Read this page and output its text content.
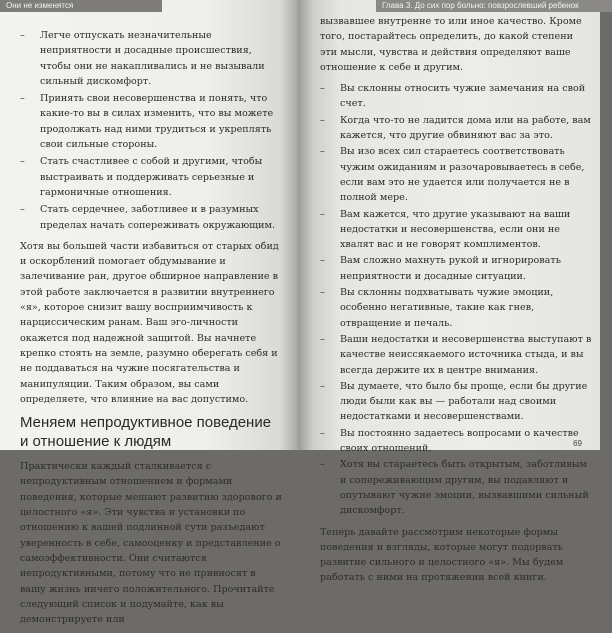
Они не изменятся
– Легче отпускать незначительные неприятности и досадные происшествия, чтобы они не накапливались и не вызывали сильный дискомфорт.
– Принять свои несовершенства и понять, что какие-то вы в силах изменить, что вы можете продолжать над ними трудиться и укреплять свои сильные стороны.
– Стать счастливее с собой и другими, чтобы выстраивать и поддерживать серьезные и гармоничные отношения.
– Стать сердечнее, заботливее и в разумных пределах начать сопереживать окружающим.

Хотя вы большей части избавиться от старых обид и оскорблений помогает обдумывание и залечивание ран, другое обширное направление в этой работе заключается в развитии внутреннего «я», которое снизит вашу восприимчивость к нарциссическим ранам. Ваш эго-личности окажется под надежной защитой. Вы начнете крепко стоять на земле, разумно оберегать себя и не поддаваться на чужие посягательства и манипуляции. Таким образом, вы сами определяете, что влияние на вас допустимо.

Меняем непродуктивное поведение и отношение к людям

Практически каждый сталкивается с непродуктивным отношением и формами поведения, которые мешают развитию здорового и целостного «я». Эти чувства и установки по отношению к вашей подлинной сути разъедают уверенность в себе, самооценку и представление о самоэффективности. Они считаются непродуктивными, потому что не привносят в вашу жизнь ничего положительного. Прочитайте следующий список и подумайте, как вы демонстрируете или

Глава 3. До сих пор больно: повзрослевший ребенок

вызвавшее внутренне то или иное качество. Кроме того, постарайтесь определить, до какой степени эти мысли, чувства и действия определяют ваше отношение к себе и другим.

– Вы склонны относить чужие замечания на свой счет.
– Когда что-то не ладится дома или на работе, вам кажется, что другие обвиняют вас за это.
– Вы изо всех сил стараетесь соответствовать чужим ожиданиям и разочаровываетесь в себе, если вам это не удается или получается не в полной мере.
– Вам кажется, что другие указывают на ваши недостатки и несовершенства, если они не хвалят вас и не говорят комплиментов.
– Вам сложно махнуть рукой и игнорировать неприятности и досадные ситуации.
– Вы склонны подхватывать чужие эмоции, особенно негативные, такие как гнев, отвращение и печаль.
– Ваши недостатки и несовершенства выступают в качестве неиссякаемого источника стыда, и вы всегда держите их в центре внимания.
– Вы думаете, что было бы проще, если бы другие люди были как вы — работали над своими недостатками и несовершенствами.
– Вы постоянно задаетесь вопросами о качестве своих отношений.
– Хотя вы стараетесь быть открытым, заботливым и сопереживающим другим, вы подавляют и опутывают чужие эмоции, вызвавшими сильный дискомфорт.

Теперь давайте рассмотрим некоторые формы поведения и взгляды, которые могут подорвать развитие сильного и целостного «я». Мы будем работать с ними на протяжении всей книги.

69
